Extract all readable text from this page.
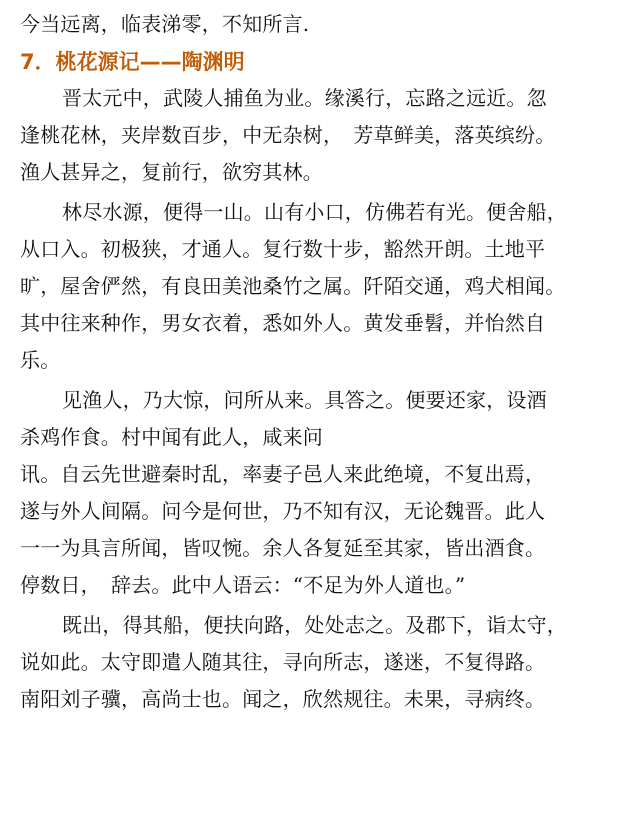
今当远离，临表涕零，不知所言.
7．桃花源记——陶渊明
晋太元中，武陵人捕鱼为业。缘溪行，忘路之远近。忽
逢桃花林，夹岸数百步，中无杂树，　芳草鲜美，落英缤纷。
渔人甚异之，复前行，欲穷其林。
林尽水源，便得一山。山有小口，仿佛若有光。便舍船，
从口入。初极狭，才通人。复行数十步，豁然开朗。土地平
旷，屋舍俨然，有良田美池桑竹之属。阡陌交通，鸡犬相闻。
其中往来种作，男女衣着，悉如外人。黄发垂髫，并怡然自
乐。
见渔人，乃大惊，问所从来。具答之。便要还家，设酒
杀鸡作食。村中闻有此人，咸来问
讯。自云先世避秦时乱，率妻子邑人来此绝境，不复出焉，
遂与外人间隔。问今是何世，乃不知有汉，无论魏晋。此人
一一为具言所闻，皆叹惋。余人各复延至其家，皆出酒食。
停数日，　辞去。此中人语云：“不足为外人道也。”
既出，得其船，便扶向路，处处志之。及郡下，诣太守，
说如此。太守即遣人随其往，寻向所志，遂迷，不复得路。
南阳刘子骥，高尚士也。闻之，欣然规往。未果，寻病终。
